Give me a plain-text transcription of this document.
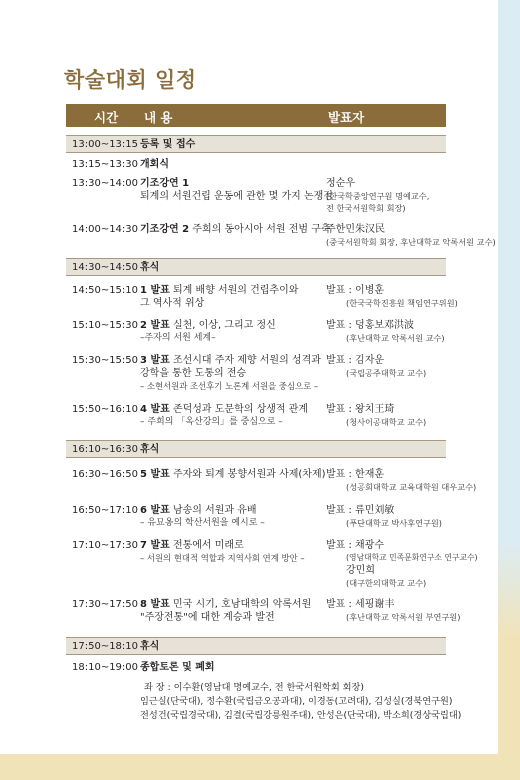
학술대회 일정
시간 내 용	발표자
13:00~13:15 등록 및 접수
13:15~13:30 개회식
13:30~14:00 기조강연 1
퇴계의 서원건립 운동에 관한 몇 가지 논쟁점
정순우
(한국학중앙연구원 명예교수,
전 한국서원학회 회장)
14:00~14:30 기조강연 2 주희의 동아시아 서원 전범 구축
주한민朱汉民
(중국서원학회 회장, 후난대학교 악록서원 교수)
14:30~14:50 휴식
14:50~15:10 1 발표 퇴계 배향 서원의 건립추이와
그 역사적 위상
발표 : 이병훈
(한국국학진흥원 책임연구위원)
15:10~15:30 2 발표 실천, 이상, 그리고 정신
–주자의 서원 세계–
발표 : 덩홍보邓洪波
(후난대학교 악록서원 교수)
15:30~15:50 3 발표 조선시대 주자 제향 서원의 성격과
강학을 통한 도통의 전승
– 소현서원과 조선후기 노론계 서원을 중심으로 –
발표 : 김자운
(국립공주대학교 교수)
15:50~16:10 4 발표 존덕성과 도문학의 상생적 관계
– 주희의 「옥산강의」를 중심으로 –
발표 : 왕치王琦
(청사이공대학교 교수)
16:10~16:30 휴식
16:30~16:50 5 발표 주자와 퇴계 봉향서원과 사제(차제) 발표 : 한재훈
(성공회대학교 교육대학원 대우교수)
16:50~17:10 6 발표 남송의 서원과 유배
– 유묘옹의 학산서원을 예시로 –
발표 : 류민刘敏
(푸단대학교 박사후연구원)
17:10~17:30 7 발표 전통에서 미래로
– 서원의 현대적 역할과 지역사회 연계 방안 –
발표 : 채광수
(영남대학교 민족문화연구소 연구교수)
강민희
(대구한의대학교 교수)
17:30~17:50 8 발표 민국 시기, 호남대학의 악록서원
"주장전통"에 대한 계승과 발전
발표 : 세핑谢丰
(후난대학교 악록서원 부연구원)
17:50~18:10 휴식
18:10~19:00 종합토론 및 폐회
좌 장 : 이수환(영남대 명예교수, 전 한국서원학회 회장)
임근실(단국대), 정수환(국립금오공과대), 이경동(고려대), 김성실(경북연구원)
전성건(국립경국대), 김결(국립강릉원주대), 안성은(단국대), 박소희(경상국립대)
